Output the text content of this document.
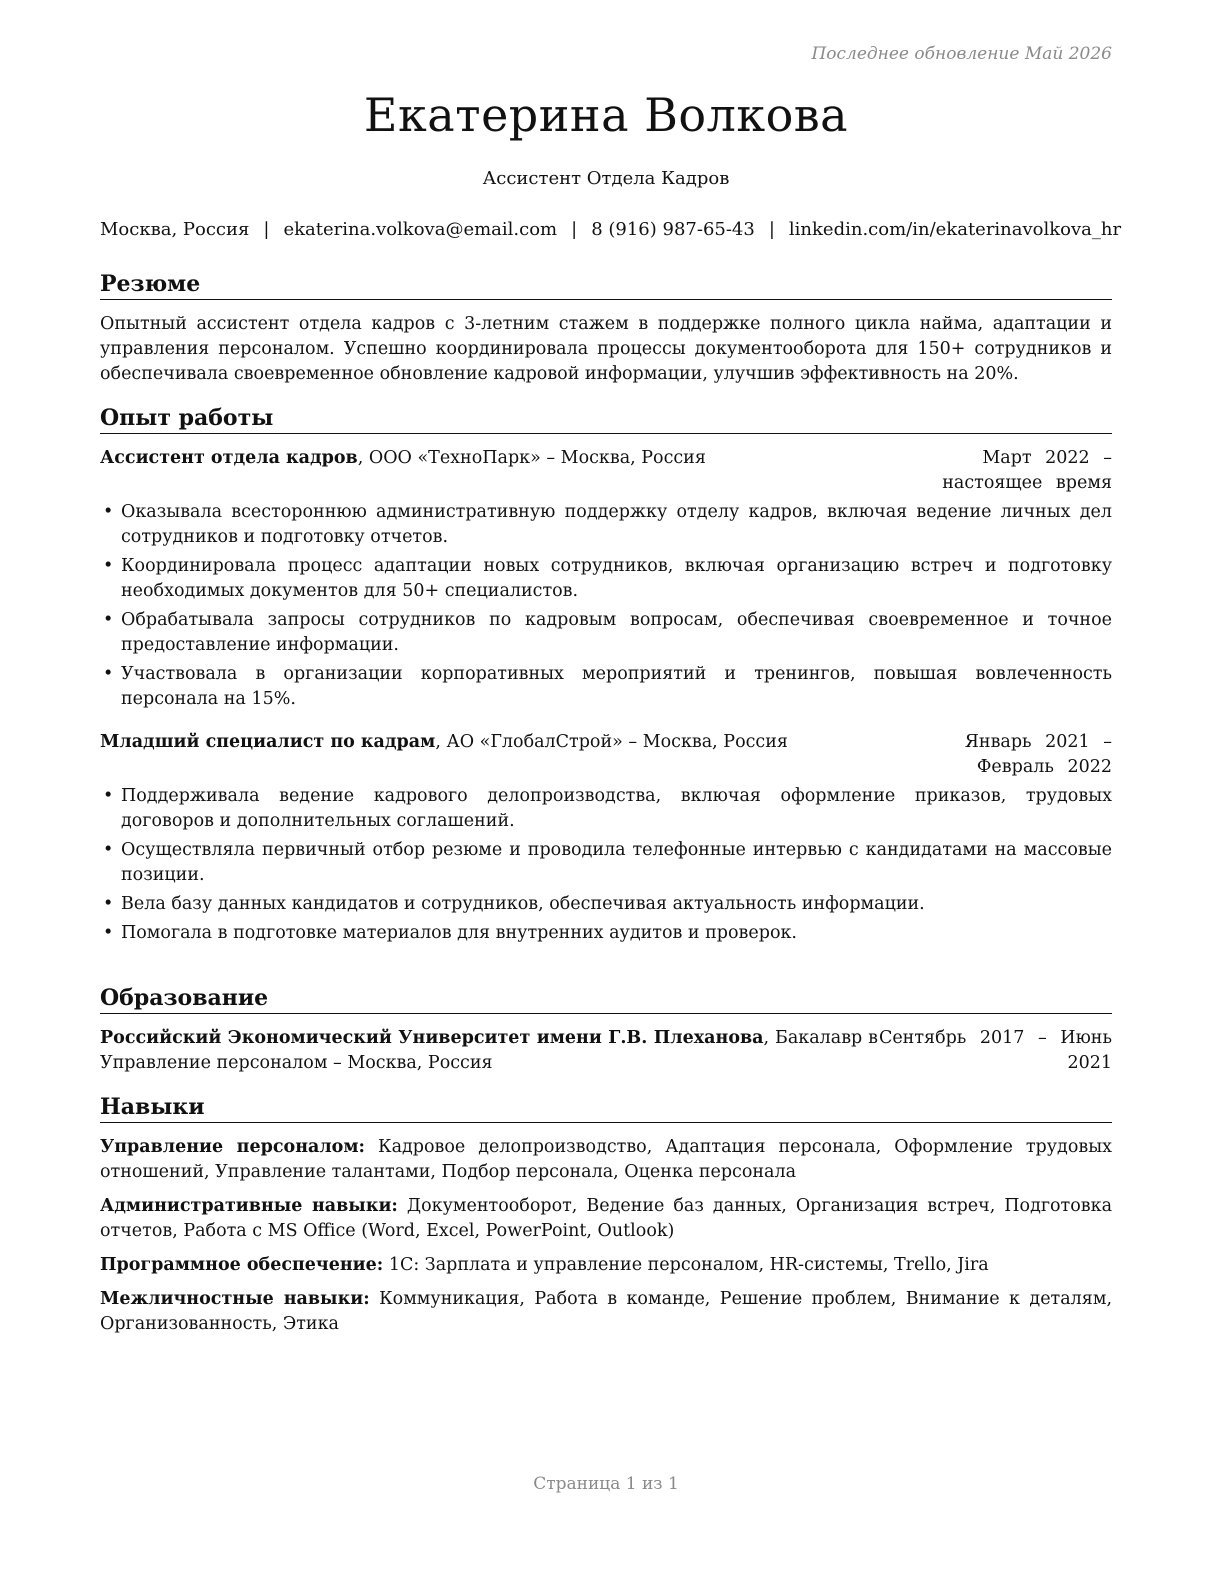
Последнее обновление Май 2026
Екатерина Волкова
Ассистент Отдела Кадров
Москва, Россия | ekaterina.volkova@email.com | 8 (916) 987-65-43 | linkedin.com/in/ekaterinavolkova_hr
Резюме

Опытный ассистент отдела кадров с 3-летним стажем в поддержке полного цикла найма, адаптации и управления персоналом. Успешно координировала процессы документооборота для 150+ сотрудников и обеспечивала своевременное обновление кадровой информации, улучшив эффективность на 20%.

Опыт работы
Ассистент отдела кадров, ООО «ТехноПарк» – Москва, Россия	Март 2022 – настоящее время
• Оказывала всестороннюю административную поддержку отделу кадров, включая ведение личных дел сотрудников и подготовку отчетов.
• Координировала процесс адаптации новых сотрудников, включая организацию встреч и подготовку необходимых документов для 50+ специалистов.
• Обрабатывала запросы сотрудников по кадровым вопросам, обеспечивая своевременное и точное предоставление информации.
• Участвовала в организации корпоративных мероприятий и тренингов, повышая вовлеченность персонала на 15%.
Младший специалист по кадрам, АО «ГлобалСтрой» – Москва, Россия	Январь 2021 – Февраль 2022
• Поддерживала ведение кадрового делопроизводства, включая оформление приказов, трудовых договоров и дополнительных соглашений.
• Осуществляла первичный отбор резюме и проводила телефонные интервью с кандидатами на массовые позиции.
• Вела базу данных кандидатов и сотрудников, обеспечивая актуальность информации.
• Помогала в подготовке материалов для внутренних аудитов и проверок.
Образование
Российский Экономический Университет имени Г.В. Плеханова, Бакалавр в Управление персоналом – Москва, Россия
Сентябрь 2017 – Июнь 2021
Навыки
Управление персоналом: Кадровое делопроизводство, Адаптация персонала, Оформление трудовых отношений, Управление талантами, Подбор персонала, Оценка персонала
Административные навыки: Документооборот, Ведение баз данных, Организация встреч, Подготовка отчетов, Работа с MS Office (Word, Excel, PowerPoint, Outlook)
Программное обеспечение: 1С: Зарплата и управление персоналом, HR-системы, Trello, Jira
Межличностные навыки: Коммуникация, Работа в команде, Решение проблем, Внимание к деталям, Организованность, Этика
Страница 1 из 1
